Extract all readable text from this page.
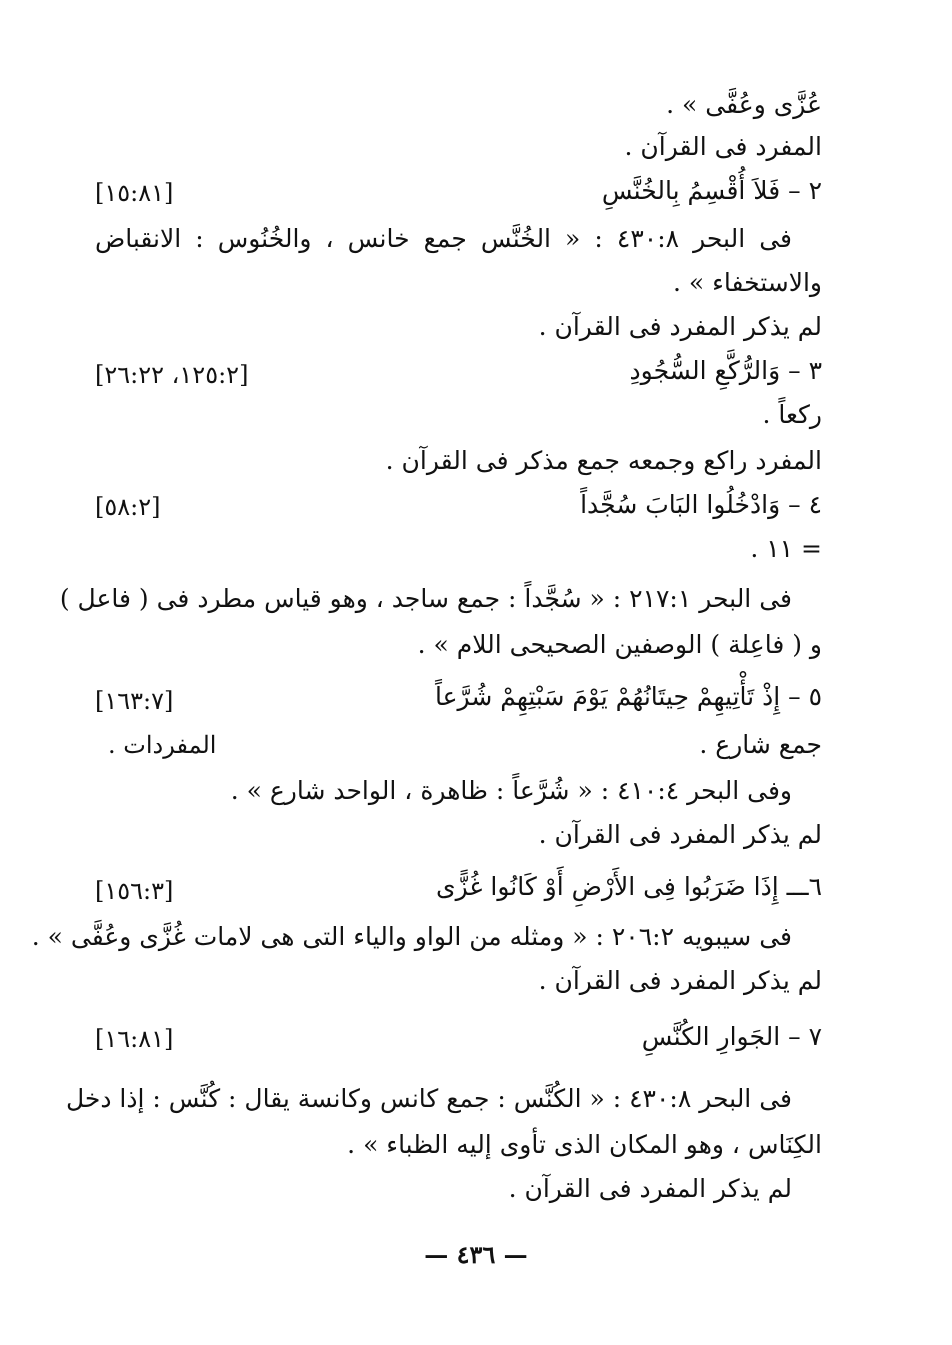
عُزَّى وعُفَّى » .
المفرد فى القرآن .
٢ – فَلاَ أُقْسِمُ بِالخُنَّسِ
[١٥:٨١]
فى البحر ٤٣٠:٨ : « الخُنَّس جمع خانس ، والخُنُوس : الانقباض
والاستخفاء » .
لم يذكر المفرد فى القرآن .
٣ – وَالرُّكَّعِ السُّجُودِ
[١٢٥:٢، ٢٦:٢٢]
ركعاً .
المفرد راكع وجمعه جمع مذكر فى القرآن .
٤ – وَادْخُلُوا البَابَ سُجَّداً
[٥٨:٢]
= ١١ .
فى البحر ٢١٧:١ : « سُجَّداً : جمع ساجد ، وهو قياس مطرد فى ( فاعل )
و ( فاعِلة ) الوصفين الصحيحى اللام » .
٥ – إِذْ تَأْتِيهِمْ حِيتَانُهُمْ يَوْمَ سَبْتِهِمْ شُرَّعاً
[١٦٣:٧]
جمع شارع .
المفردات .
وفى البحر ٤١٠:٤ : « شُرَّعاً : ظاهرة ، الواحد شارع » .
لم يذكر المفرد فى القرآن .
٦ـــ إِذَا ضَرَبُوا فِى الأَرْضِ أَوْ كَانُوا غُزًّى
[١٥٦:٣]
فى سيبويه ٢٠٦:٢ : « ومثله من الواو والياء التى هى لامات غُزَّى وعُفَّى » .
لم يذكر المفرد فى القرآن .
٧ – الجَوارِ الكُنَّسِ
[١٦:٨١]
فى البحر ٤٣٠:٨ : « الكُنَّس : جمع كانس وكانسة يقال : كُنَّس : إذا دخل
الكِنَاس ، وهو المكان الذى تأوى إليه الظباء » .
لم يذكر المفرد فى القرآن .
— ٤٣٦ —
